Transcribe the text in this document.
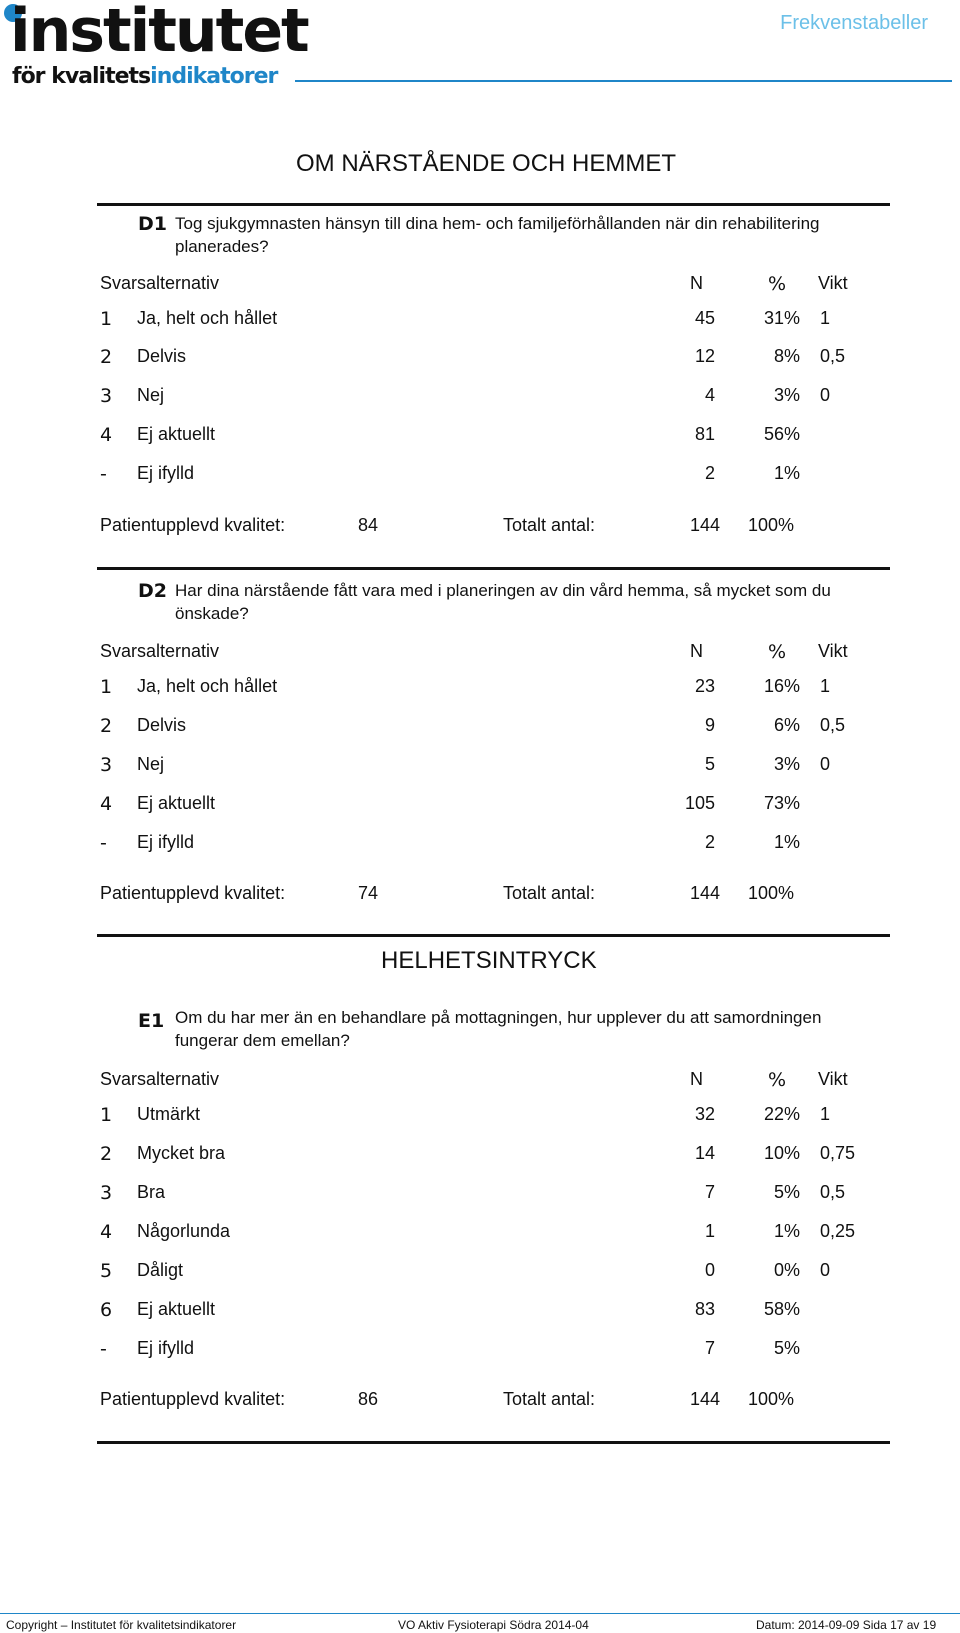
institutet
för kvalitetsindikatorer
Frekvenstabeller
OM NÄRSTÅENDE OCH HEMMET
D1 Tog sjukgymnasten hänsyn till dina hem- och familjeförhållanden när din rehabilitering planerades?
Svarsalternativ	N	% Vikt
1 Ja, helt och hållet	45	31% 1
2 Delvis	12	8% 0,5
3 Nej	4	3% 0
4 Ej aktuellt	81	56%
- Ej ifylld	2	1%
Patientupplevd kvalitet:	84	Totalt antal:	144 100%
D2 Har dina närstående fått vara med i planeringen av din vård hemma, så mycket som du önskade?
Svarsalternativ	N	% Vikt
1 Ja, helt och hållet	23	16% 1
2 Delvis	9	6% 0,5
3 Nej	5	3% 0
4 Ej aktuellt	105	73%
- Ej ifylld	2	1%
Patientupplevd kvalitet:	74	Totalt antal:	144 100%
HELHETSINTRYCK
E1 Om du har mer än en behandlare på mottagningen, hur upplever du att samordningen fungerar dem emellan?
Svarsalternativ	N	% Vikt
1 Utmärkt	32	22% 1
2 Mycket bra	14	10% 0,75
3 Bra	7	5% 0,5
4 Någorlunda	1	1% 0,25
5 Dåligt	0	0% 0
6 Ej aktuellt	83	58%
- Ej ifylld	7	5%
Patientupplevd kvalitet:	86	Totalt antal:	144 100%
Copyright – Institutet för kvalitetsindikatorer	VO Aktiv Fysioterapi Södra 2014-04	Datum: 2014-09-09 Sida 17 av 19
